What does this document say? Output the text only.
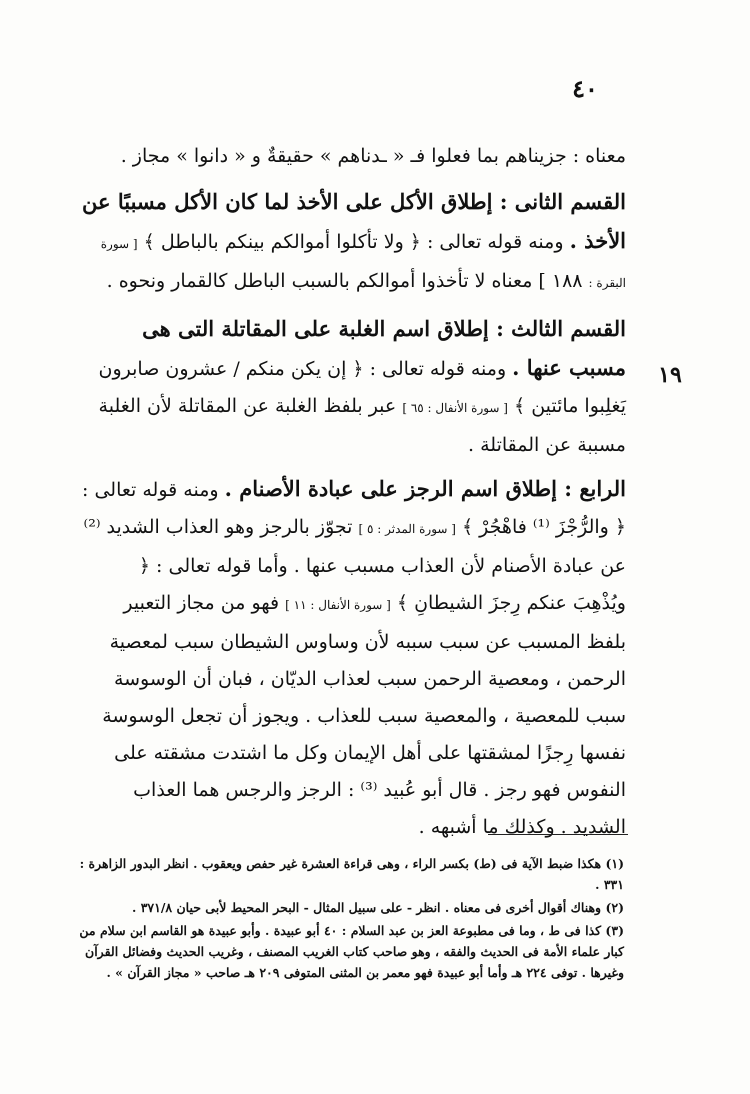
٤٠
١٩

معناه : جزيناهم بما فعلوا فـ « ـدناهم » حقيقةٌ و « دانوا » مجاز .

القسم الثانى : إطلاق الأكل على الأخذ لما كان الأكل مسببًا عن الأخذ . ومنه قوله تعالى : ﴿ ولا تأكلوا أموالكم بينكم بالباطل ﴾ [ سورة البقرة : ١٨٨ ] معناه لا تأخذوا أموالكم بالسبب الباطل كالقمار ونحوه .

القسم الثالث : إطلاق اسم الغلبة على المقاتلة التى هى مسبب عنها . ومنه قوله تعالى : ﴿ إن يكن منكم / عشرون صابرون يَغلِبوا مائتين ﴾ [ سورة الأنفال : ٦٥ ] عبر بلفظ الغلبة عن المقاتلة لأن الغلبة مسببة عن المقاتلة .

الرابع : إطلاق اسم الرجز على عبادة الأصنام . ومنه قوله تعالى : ﴿ والرُّجْزَ ⁽¹⁾ فاهْجُرْ ﴾ [ سورة المدثر : ٥ ] تجوّز بالرجز وهو العذاب الشديد ⁽²⁾ عن عبادة الأصنام لأن العذاب مسبب عنها . وأما قوله تعالى : ﴿ ويُذْهِبَ عنكم رِجزَ الشيطانِ ﴾ [ سورة الأنفال : ١١ ] فهو من مجاز التعبير بلفظ المسبب عن سبب سببه لأن وساوس الشيطان سبب لمعصية الرحمن ، ومعصية الرحمن سبب لعذاب الديّان ، فبان أن الوسوسة سبب للمعصية ، والمعصية سبب للعذاب . ويجوز أن تجعل الوسوسة نفسها رِجزًا لمشقتها على أهل الإيمان وكل ما اشتدت مشقته على النفوس فهو رجز . قال أبو عُبيد ⁽³⁾ : الرجز والرجس هما العذاب الشديد . وكذلك ما أشبهه .

(١) هكذا ضبط الآية فى (ط) بكسر الراء ، وهى قراءة العشرة غير حفص ويعقوب . انظر البدور الزاهرة : ٣٣١ .

(٢) وهناك أقوال أخرى فى معناه . انظر - على سبيل المثال - البحر المحيط لأبى حيان ٣٧١/٨ .

(٣) كذا فى ط ، وما فى مطبوعة العز بن عبد السلام : ٤٠ أبو عبيدة . وأبو عبيدة هو القاسم ابن سلام من كبار علماء الأمة فى الحديث والفقه ، وهو صاحب كتاب الغريب المصنف ، وغريب الحديث وفضائل القرآن وغيرها . توفى ٢٢٤ هـ وأما أبو عبيدة فهو معمر بن المثنى المتوفى ٢٠٩ هـ صاحب « مجاز القرآن » .
